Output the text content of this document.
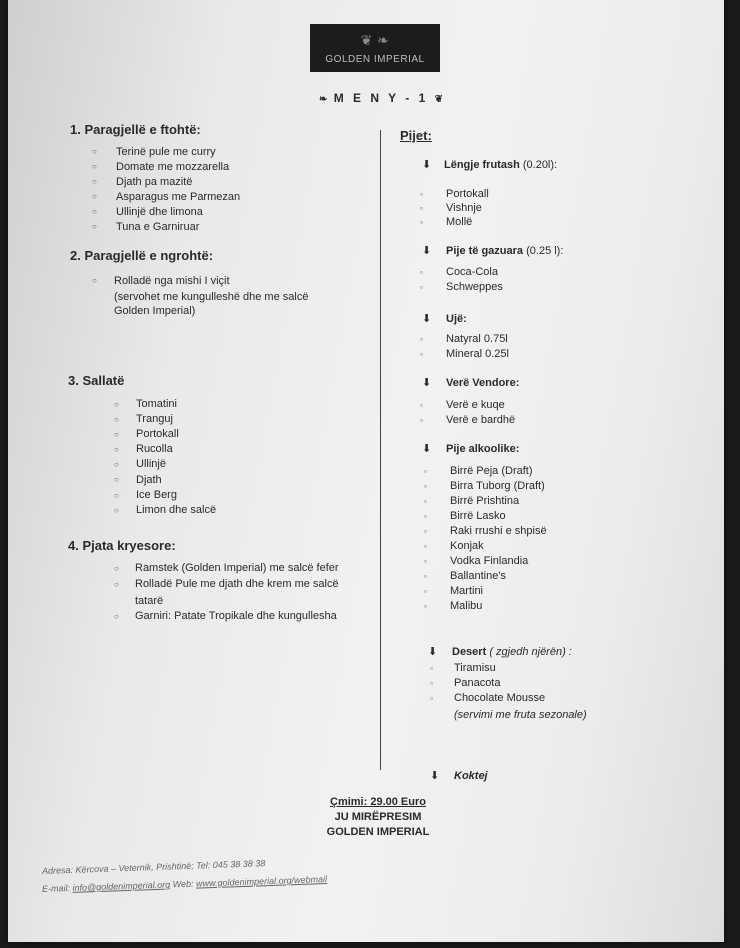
❦ ❧
GOLDEN IMPERIAL
❧ M E N Y - 1 ❦
1. Paragjellë e ftohtë:
○ Terinë pule me curry
○ Domate me mozzarella
○ Djath pa mazitë
○ Asparagus me Parmezan
○ Ullinjë dhe limona
○ Tuna e Garniruar
2. Paragjellë e ngrohtë:
○ Rolladë nga mishi I viçit
(servohet me kungulleshë dhe me salcë
Golden Imperial)
3. Sallatë
○ Tomatini
○ Tranguj
○ Portokall
○ Rucolla
○ Ullinjë
○ Djath
○ Ice Berg
○ Limon dhe salcë
4. Pjata kryesore:
○ Ramstek (Golden Imperial) me salcë fefer
○ Rolladë Pule me djath dhe krem me salcë
tatarë
○ Garniri: Patate Tropikale dhe kungullesha
Pijet:
⬇ Lëngje frutash (0.20l):
▫ Portokall
▫ Vishnje
▫ Mollë
⬇ Pije të gazuara (0.25 l):
▫ Coca-Cola
▫ Schweppes
⬇ Ujë:
▫ Natyral 0.75l
▫ Mineral 0.25l
⬇ Verë Vendore:
▫ Verë e kuqe
▫ Verë e bardhë
⬇ Pije alkoolike:
▫ Birrë Peja (Draft)
▫ Birra Tuborg (Draft)
▫ Birrë Prishtina
▫ Birrë Lasko
▫ Raki rrushi e shpisë
▫ Konjak
▫ Vodka Finlandia
▫ Ballantine's
▫ Martini
▫ Malibu
⬇ Desert ( zgjedh njërën) :
▫ Tiramisu
▫ Panacota
▫ Chocolate Mousse
(servimi me fruta sezonale)
⬇ Koktej
Çmimi: 29.00 Euro
JU MIRËPRESIM
GOLDEN IMPERIAL
Adresa: Kërcova – Veternik, Prishtinë; Tel: 045 38 38 38
E-mail: info@goldenimperial.org Web: www.goldenimperial.org/webmail
